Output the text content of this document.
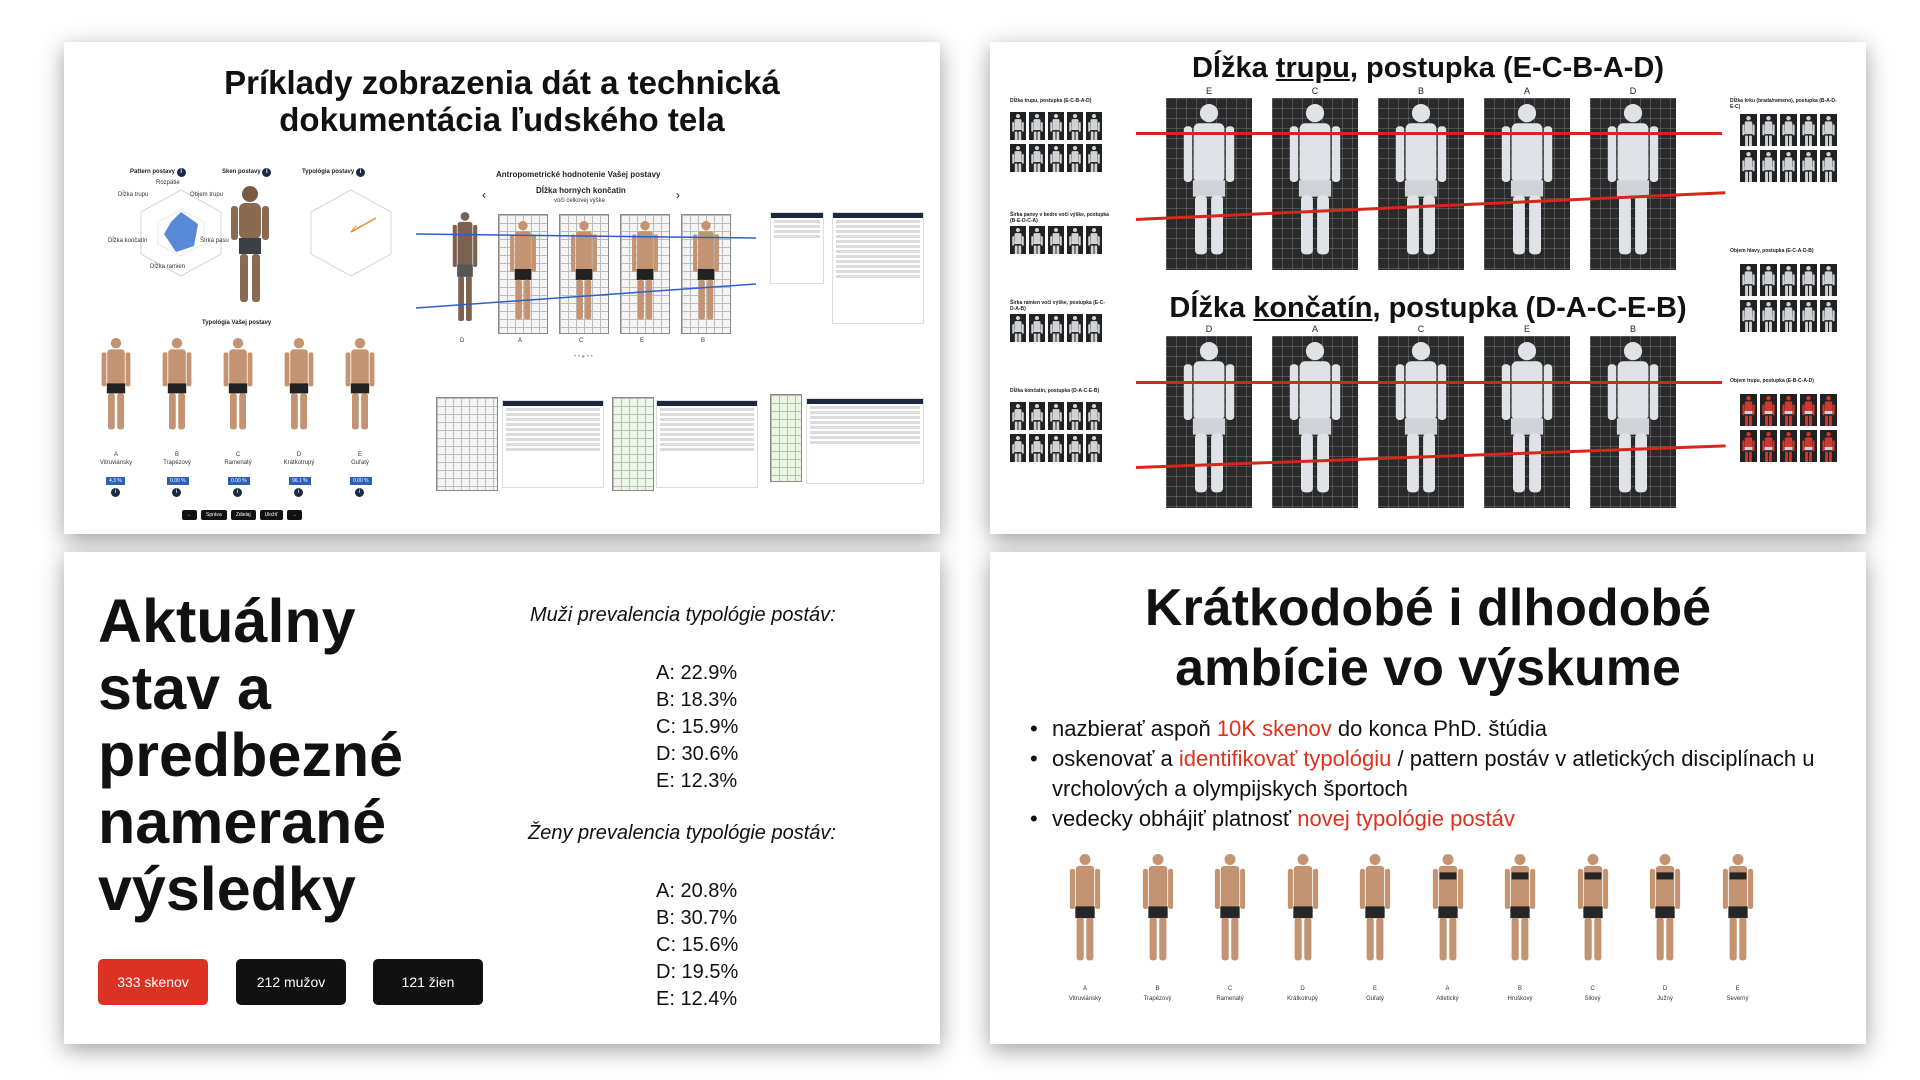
Príklady zobrazenia dát a technická
dokumentácia ľudského tela
Pattern postavy i
Dĺžka trupu	Objem trupu
Šírka pasu
Dĺžka ramien
Dĺžka končatín
Rozpätie
Sken postavy i	Typológia postavy i
Typológia Vašej postavy
A
Vitruviánsky
4.3 %
i
B
Trapézový
0.00 %
i
C
Ramenatý
0.00 %
i
D
Krátkotrupý
96.1 %
i
E
Guľatý
0.00 %
i
←	Správa	Zdielaj	Uložiť	→
Antropometrické hodnotenie Vašej postavy
‹	›
Dĺžka horných končatín
voči celkovej výške
D	A	C	E	B
• • ● • •
Dĺžka trupu, postupka (E-C-B-A-D)
Dĺžka končatín, postupka (D-A-C-E-B)
E	C	B	A	D
D	A	C	E	B
Dĺžka trupu, postupka (E-C-B-A-D)
Šírka panvy v bedre voči výške, postupka (B-E-D-C-A)
Šírka ramien voči výške, postupka (E-C-D-A-B)
Dĺžka končatín, postupka (D-A-C-E-B)
Dĺžka krku (brada/rameno), postupka (B-A-D-E-C)
Objem hlavy, postupka (E-C-A-D-B)
Objem trupu, postupka (E-B-C-A-D)
Aktuálny
stav a
predbezné
namerané
výsledky
Muži prevalencia typológie postáv:
A: 22.9%
B: 18.3%
C: 15.9%
D: 30.6%
E: 12.3%
Ženy prevalencia typológie postáv:
A: 20.8%
B: 30.7%
C: 15.6%
D: 19.5%
E: 12.4%
333 skenov	212 mužov	121 žien
Krátkodobé i dlhodobé
ambície vo výskume
• nazbierať aspoň 10K skenov do konca PhD. štúdia
• oskenovať a identifikovať typológiu / pattern postáv v atletických disciplínach u vrcholových a olympijskych športoch
• vedecky obhájiť platnosť novej typológie postáv
A
Vitruviánsky
B
Trapézový
C
Ramenatý
D
Krátkotrupý
E
Guľatý
A
Atletický
B
Hruškový
C
Silový
D
Južný
E
Severný
